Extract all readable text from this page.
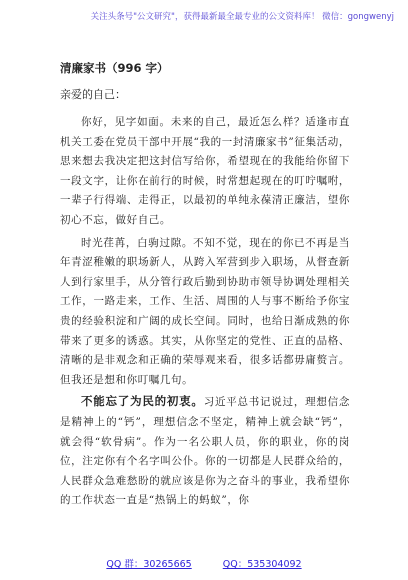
关注头条号"公文研究"，获得最新最全最专业的公文资料库！ 微信：gongwenyj
清廉家书（996 字）
亲爱的自己：

你好，见字如面。未来的自己，最近怎么样？适逢市直机关工委在党员干部中开展“我的一封清廉家书”征集活动，思来想去我决定把这封信写给你，希望现在的我能给你留下一段文字，让你在前行的时候，时常想起现在的叮咛嘱咐，一辈子行得端、走得正，以最初的单纯永葆清正廉洁，望你初心不忘，做好自己。

时光荏苒，白驹过隙。不知不觉，现在的你已不再是当年青涩稚嫩的职场新人，从跨入军营到步入职场，从督查新人到行家里手，从分管行政后勤到协助市领导协调处理相关工作，一路走来，工作、生活、周围的人与事不断给予你宝贵的经验积淀和广阔的成长空间。同时，也给日渐成熟的你带来了更多的诱惑。其实，从你坚定的党性、正直的品格、清晰的是非观念和正确的荣辱观来看，很多话都毋庸赘言。但我还是想和你叮嘱几句。

不能忘了为民的初衷。习近平总书记说过，理想信念是精神上的“钙”，理想信念不坚定，精神上就会缺“钙”，就会得“软骨病”。作为一名公职人员，你的职业，你的岗位，注定你有个名字叫公仆。你的一切都是人民群众给的，人民群众急难愁盼的就应该是你为之奋斗的事业，我希望你的工作状态一直是“热锅上的蚂蚁”，你

QQ 群：30265665	QQ：535304092
